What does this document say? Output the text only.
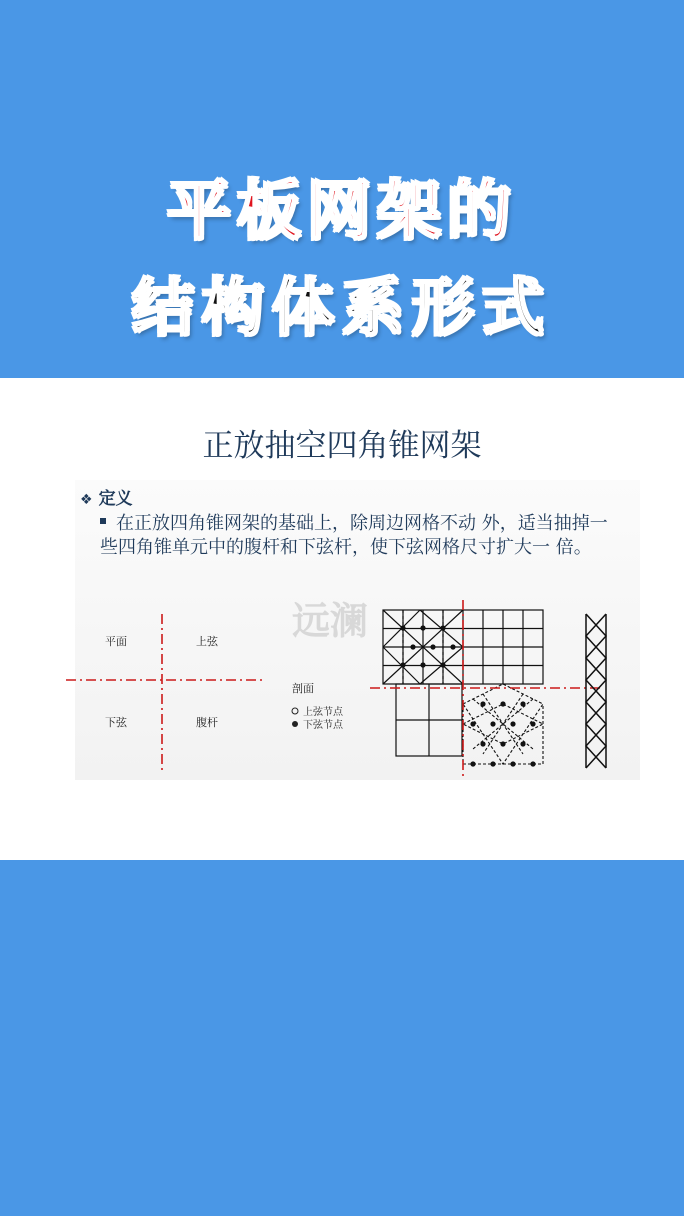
平板网架的
结构体系形式
正放抽空四角锥网架
❖ 定义
在正放四角锥网架的基础上，除周边网格不动 外，适当抽掉一些四角锥单元中的腹杆和下弦杆，使下弦网格尺寸扩大一 倍。
平面	上弦
下弦	腹杆
剖面
上弦节点
下弦节点
远澜
